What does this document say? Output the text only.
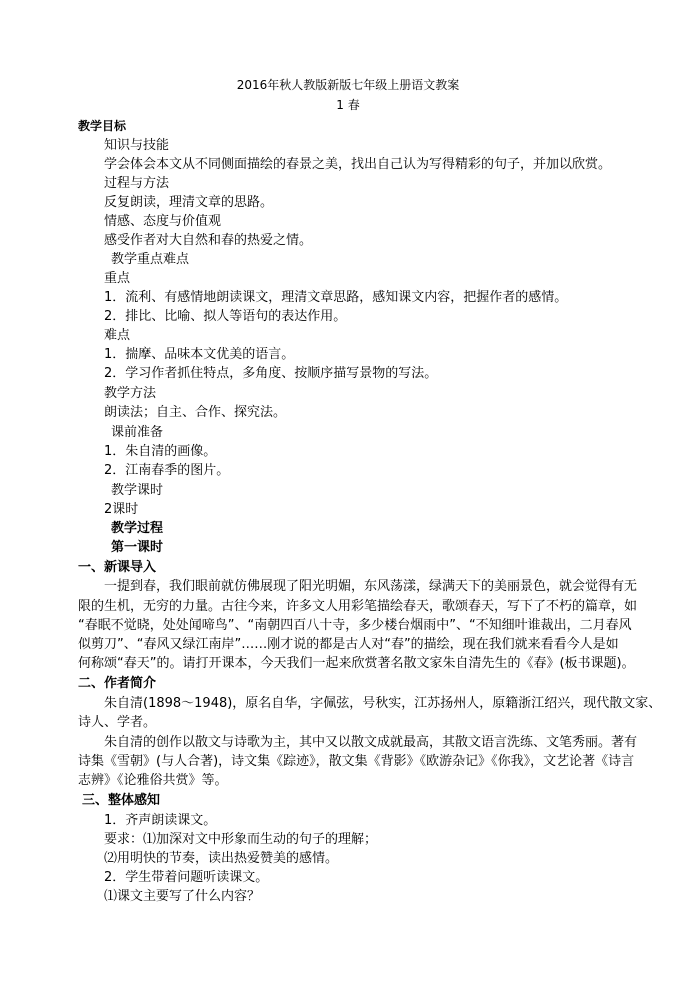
2016年秋人教版新版七年级上册语文教案
1 春
教学目标
知识与技能
学会体会本文从不同侧面描绘的春景之美，找出自己认为写得精彩的句子，并加以欣赏。
过程与方法
反复朗读，理清文章的思路。
情感、态度与价值观
感受作者对大自然和春的热爱之情。
教学重点难点
重点
1．流利、有感情地朗读课文，理清文章思路，感知课文内容，把握作者的感情。
2．排比、比喻、拟人等语句的表达作用。
难点
1．揣摩、品味本文优美的语言。
2．学习作者抓住特点，多角度、按顺序描写景物的写法。
教学方法
朗读法；自主、合作、探究法。
课前准备
1．朱自清的画像。
2．江南春季的图片。
教学课时
2课时
教学过程
第一课时
一、新课导入
一提到春，我们眼前就仿佛展现了阳光明媚，东风荡漾，绿满天下的美丽景色，就会觉得有无
限的生机，无穷的力量。古往今来，许多文人用彩笔描绘春天，歌颂春天，写下了不朽的篇章，如
“春眠不觉晓，处处闻啼鸟”、“南朝四百八十寺，多少楼台烟雨中”、“不知细叶谁裁出，二月春风
似剪刀”、“春风又绿江南岸”……刚才说的都是古人对“春”的描绘，现在我们就来看看今人是如
何称颂“春天”的。请打开课本，今天我们一起来欣赏著名散文家朱自清先生的《春》(板书课题)。
二、作者简介
朱自清(1898～1948)，原名自华，字佩弦，号秋实，江苏扬州人，原籍浙江绍兴，现代散文家、
诗人、学者。
朱自清的创作以散文与诗歌为主，其中又以散文成就最高，其散文语言洗练、文笔秀丽。著有
诗集《雪朝》(与人合著)，诗文集《踪迹》，散文集《背影》《欧游杂记》《你我》，文艺论著《诗言
志辨》《论雅俗共赏》等。
三、整体感知
1．齐声朗读课文。
要求：⑴加深对文中形象而生动的句子的理解；
⑵用明快的节奏，读出热爱赞美的感情。
2．学生带着问题听读课文。
⑴课文主要写了什么内容？
